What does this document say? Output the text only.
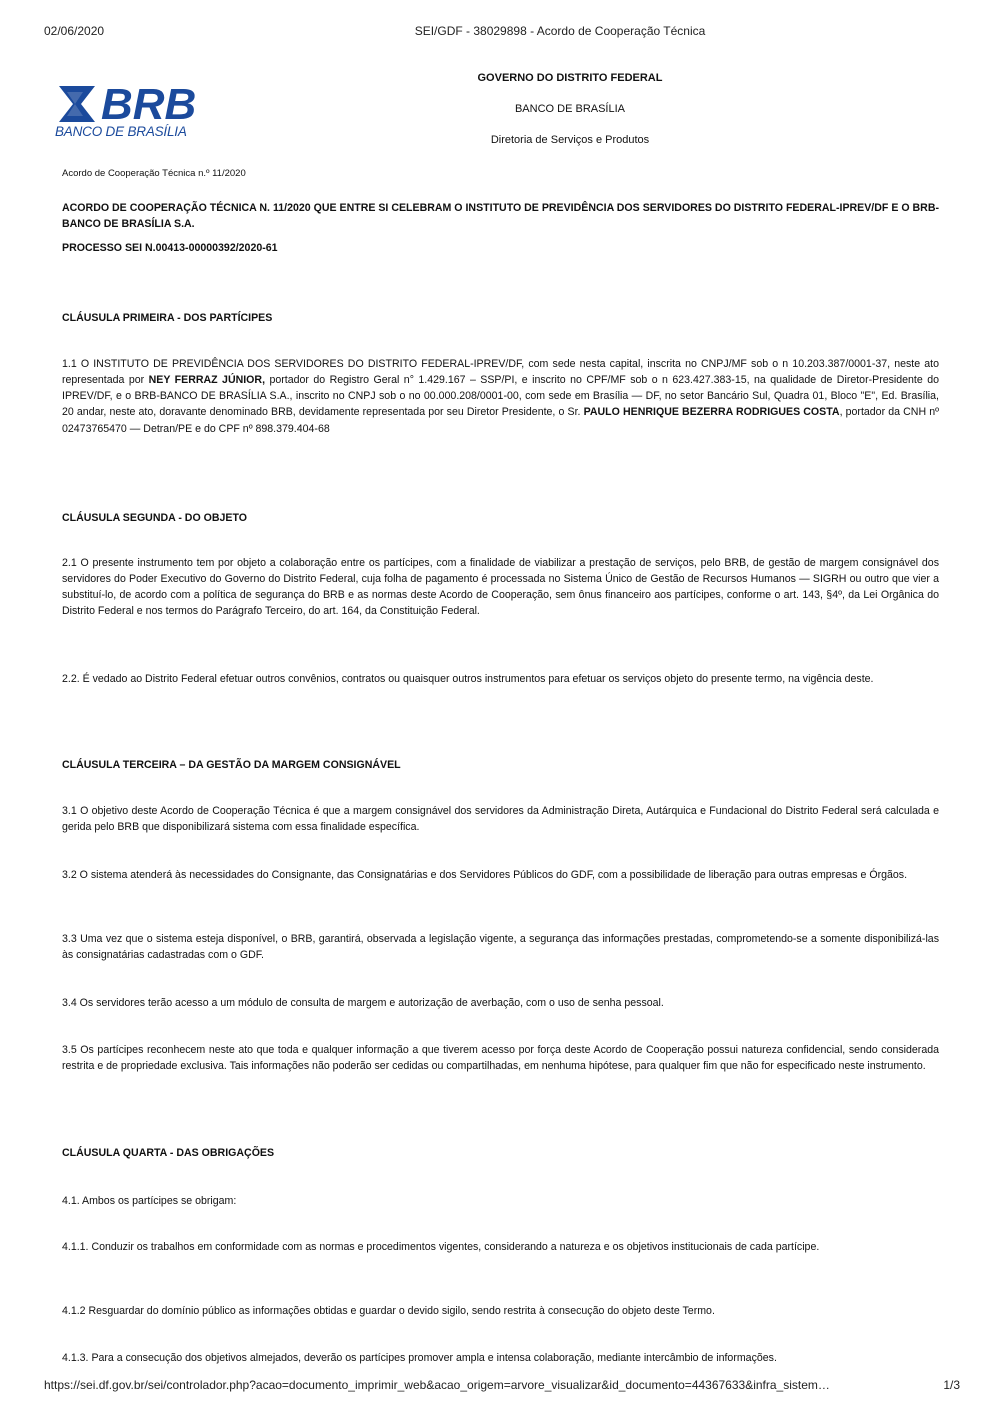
02/06/2020	SEI/GDF - 38029898 - Acordo de Cooperação Técnica
BRB
BANCO DE BRASÍLIA
GOVERNO DO DISTRITO FEDERAL
BANCO DE BRASÍLIA
Diretoria de Serviços e Produtos
Acordo de Cooperação Técnica n.º 11/2020

ACORDO DE COOPERAÇÃO TÉCNICA N. 11/2020 QUE ENTRE SI CELEBRAM O INSTITUTO DE PREVIDÊNCIA DOS SERVIDORES DO DISTRITO FEDERAL-IPREV/DF E O BRB-BANCO DE BRASÍLIA S.A.

PROCESSO SEI N.00413-00000392/2020-61

CLÁUSULA PRIMEIRA - DOS PARTÍCIPES

1.1 O INSTITUTO DE PREVIDÊNCIA DOS SERVIDORES DO DISTRITO FEDERAL-IPREV/DF, com sede nesta capital, inscrita no CNPJ/MF sob o n 10.203.387/0001-37, neste ato representada por NEY FERRAZ JÚNIOR, portador do Registro Geral n° 1.429.167 – SSP/PI, e inscrito no CPF/MF sob o n 623.427.383-15, na qualidade de Diretor-Presidente do IPREV/DF, e o BRB-BANCO DE BRASÍLIA S.A., inscrito no CNPJ sob o no 00.000.208/0001-00, com sede em Brasília — DF, no setor Bancário Sul, Quadra 01, Bloco "E", Ed. Brasília, 20 andar, neste ato, doravante denominado BRB, devidamente representada por seu Diretor Presidente, o Sr. PAULO HENRIQUE BEZERRA RODRIGUES COSTA, portador da CNH nº 02473765470 — Detran/PE e do CPF nº 898.379.404-68

CLÁUSULA SEGUNDA - DO OBJETO

2.1 O presente instrumento tem por objeto a colaboração entre os partícipes, com a finalidade de viabilizar a prestação de serviços, pelo BRB, de gestão de margem consignável dos servidores do Poder Executivo do Governo do Distrito Federal, cuja folha de pagamento é processada no Sistema Único de Gestão de Recursos Humanos — SIGRH ou outro que vier a substituí-lo, de acordo com a política de segurança do BRB e as normas deste Acordo de Cooperação, sem ônus financeiro aos partícipes, conforme o art. 143, §4º, da Lei Orgânica do Distrito Federal e nos termos do Parágrafo Terceiro, do art. 164, da Constituição Federal.

2.2. É vedado ao Distrito Federal efetuar outros convênios, contratos ou quaisquer outros instrumentos para efetuar os serviços objeto do presente termo, na vigência deste.

CLÁUSULA TERCEIRA – DA GESTÃO DA MARGEM CONSIGNÁVEL

3.1 O objetivo deste Acordo de Cooperação Técnica é que a margem consignável dos servidores da Administração Direta, Autárquica e Fundacional do Distrito Federal será calculada e gerida pelo BRB que disponibilizará sistema com essa finalidade específica.

3.2 O sistema atenderá às necessidades do Consignante, das Consignatárias e dos Servidores Públicos do GDF, com a possibilidade de liberação para outras empresas e Órgãos.

3.3 Uma vez que o sistema esteja disponível, o BRB, garantirá, observada a legislação vigente, a segurança das informações prestadas, comprometendo-se a somente disponibilizá-las às consignatárias cadastradas com o GDF.

3.4 Os servidores terão acesso a um módulo de consulta de margem e autorização de averbação, com o uso de senha pessoal.

3.5 Os partícipes reconhecem neste ato que toda e qualquer informação a que tiverem acesso por força deste Acordo de Cooperação possui natureza confidencial, sendo considerada restrita e de propriedade exclusiva. Tais informações não poderão ser cedidas ou compartilhadas, em nenhuma hipótese, para qualquer fim que não for especificado neste instrumento.

CLÁUSULA QUARTA - DAS OBRIGAÇÕES

4.1. Ambos os partícipes se obrigam:

4.1.1. Conduzir os trabalhos em conformidade com as normas e procedimentos vigentes, considerando a natureza e os objetivos institucionais de cada partícipe.

4.1.2 Resguardar do domínio público as informações obtidas e guardar o devido sigilo, sendo restrita à consecução do objeto deste Termo.

4.1.3. Para a consecução dos objetivos almejados, deverão os partícipes promover ampla e intensa colaboração, mediante intercâmbio de informações.

https://sei.df.gov.br/sei/controlador.php?acao=documento_imprimir_web&acao_origem=arvore_visualizar&id_documento=44367633&infra_sistem…	1/3
